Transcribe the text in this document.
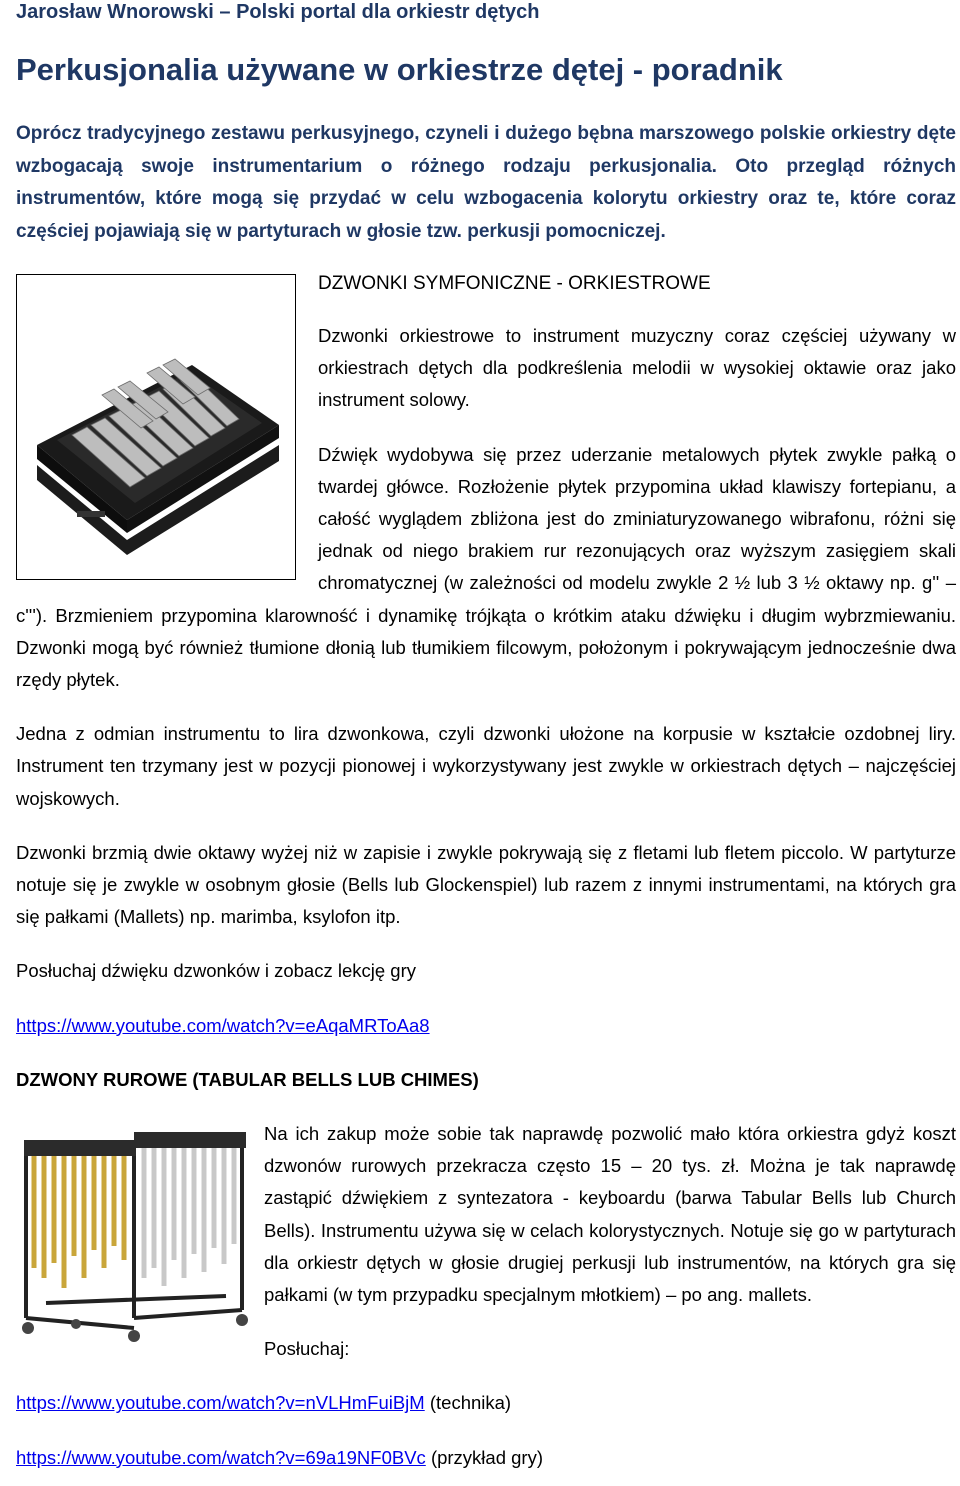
Jarosław Wnorowski – Polski portal dla orkiestr dętych
Perkusjonalia używane w orkiestrze dętej - poradnik

Oprócz tradycyjnego zestawu perkusyjnego, czyneli i dużego bębna marszowego polskie orkiestry dęte wzbogacają swoje instrumentarium o różnego rodzaju perkusjonalia. Oto przegląd różnych instrumentów, które mogą się przydać w celu wzbogacenia kolorytu orkiestry oraz te, które coraz częściej pojawiają się w partyturach w głosie tzw. perkusji pomocniczej.

DZWONKI SYMFONICZNE - ORKIESTROWE

Dzwonki orkiestrowe to instrument muzyczny coraz częściej używany w orkiestrach dętych dla podkreślenia melodii w wysokiej oktawie oraz jako instrument solowy.

Dźwięk wydobywa się przez uderzanie metalowych płytek zwykle pałką o twardej główce. Rozłożenie płytek przypomina układ klawiszy fortepianu, a całość wyglądem zbliżona jest do zminiaturyzowanego wibrafonu, różni się jednak od niego brakiem rur rezonujących oraz wyższym zasięgiem skali chromatycznej (w zależności od modelu zwykle 2 ½ lub 3 ½ oktawy np. g'' – c'''). Brzmieniem przypomina klarowność i dynamikę trójkąta o krótkim ataku dźwięku i długim wybrzmiewaniu. Dzwonki mogą być również tłumione dłonią lub tłumikiem filcowym, położonym i pokrywającym jednocześnie dwa rzędy płytek.

Jedna z odmian instrumentu to lira dzwonkowa, czyli dzwonki ułożone na korpusie w kształcie ozdobnej liry. Instrument ten trzymany jest w pozycji pionowej i wykorzystywany jest zwykle w orkiestrach dętych – najczęściej wojskowych.

Dzwonki brzmią dwie oktawy wyżej niż w zapisie i zwykle pokrywają się z fletami lub fletem piccolo. W partyturze notuje się je zwykle w osobnym głosie (Bells lub Glockenspiel) lub razem z innymi instrumentami, na których gra się pałkami (Mallets) np. marimba, ksylofon itp.

Posłuchaj dźwięku dzwonków i zobacz lekcję gry

https://www.youtube.com/watch?v=eAqaMRToAa8

DZWONY RUROWE (TABULAR BELLS LUB CHIMES)

Na ich zakup może sobie tak naprawdę pozwolić mało która orkiestra gdyż koszt dzwonów rurowych przekracza często 15 – 20 tys. zł. Można je tak naprawdę zastąpić dźwiękiem z syntezatora - keyboardu (barwa Tabular Bells lub Church Bells). Instrumentu używa się w celach kolorystycznych. Notuje się go w partyturach dla orkiestr dętych w głosie drugiej perkusji lub instrumentów, na których gra się pałkami (w tym przypadku specjalnym młotkiem) – po ang. mallets.

Posłuchaj:

https://www.youtube.com/watch?v=nVLHmFuiBjM (technika)

https://www.youtube.com/watch?v=69a19NF0BVc (przykład gry)
